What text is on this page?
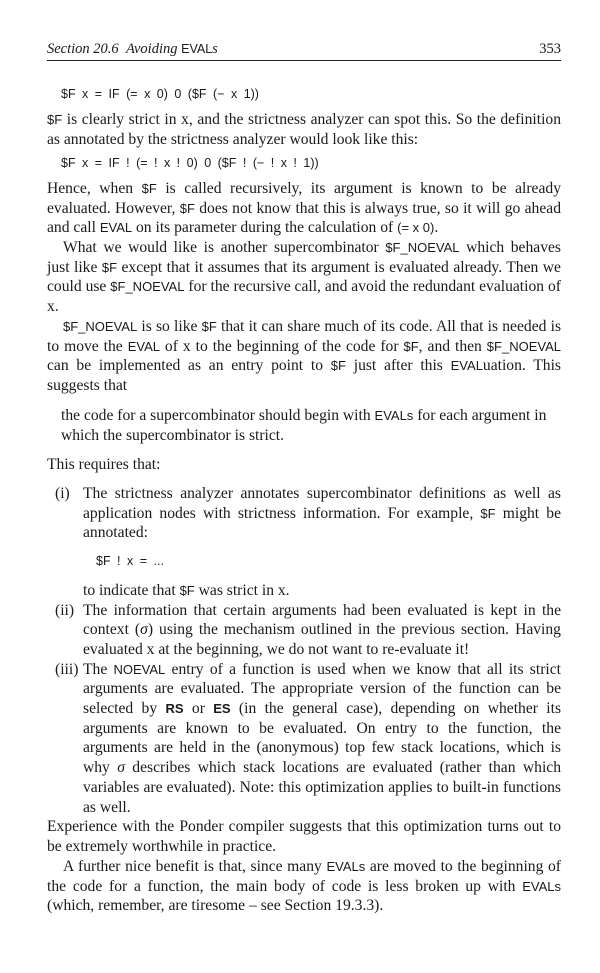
Section 20.6 Avoiding EVALs	353
$F x = IF (= x 0) 0 ($F (− x 1))

$F is clearly strict in x, and the strictness analyzer can spot this. So the definition as annotated by the strictness analyzer would look like this:

$F x = IF ! (= ! x ! 0) 0 ($F ! (− ! x ! 1))

Hence, when $F is called recursively, its argument is known to be already evaluated. However, $F does not know that this is always true, so it will go ahead and call EVAL on its parameter during the calculation of (= x 0).

What we would like is another supercombinator $F_NOEVAL which behaves just like $F except that it assumes that its argument is evaluated already. Then we could use $F_NOEVAL for the recursive call, and avoid the redundant evaluation of x.

$F_NOEVAL is so like $F that it can share much of its code. All that is needed is to move the EVAL of x to the beginning of the code for $F, and then $F_NOEVAL can be implemented as an entry point to $F just after this EVALuation. This suggests that

the code for a supercombinator should begin with EVALs for each argument in which the supercombinator is strict.

This requires that:

(i) The strictness analyzer annotates supercombinator definitions as well as application nodes with strictness information. For example, $F might be annotated:

$F ! x = ...

to indicate that $F was strict in x.

(ii) The information that certain arguments had been evaluated is kept in the context (σ) using the mechanism outlined in the previous section. Having evaluated x at the beginning, we do not want to re-evaluate it!

(iii) The NOEVAL entry of a function is used when we know that all its strict arguments are evaluated. The appropriate version of the function can be selected by RS or ES (in the general case), depending on whether its arguments are known to be evaluated. On entry to the function, the arguments are held in the (anonymous) top few stack locations, which is why σ describes which stack locations are evaluated (rather than which variables are evaluated). Note: this optimization applies to built-in functions as well.

Experience with the Ponder compiler suggests that this optimization turns out to be extremely worthwhile in practice.

A further nice benefit is that, since many EVALs are moved to the beginning of the code for a function, the main body of code is less broken up with EVALs (which, remember, are tiresome – see Section 19.3.3).
